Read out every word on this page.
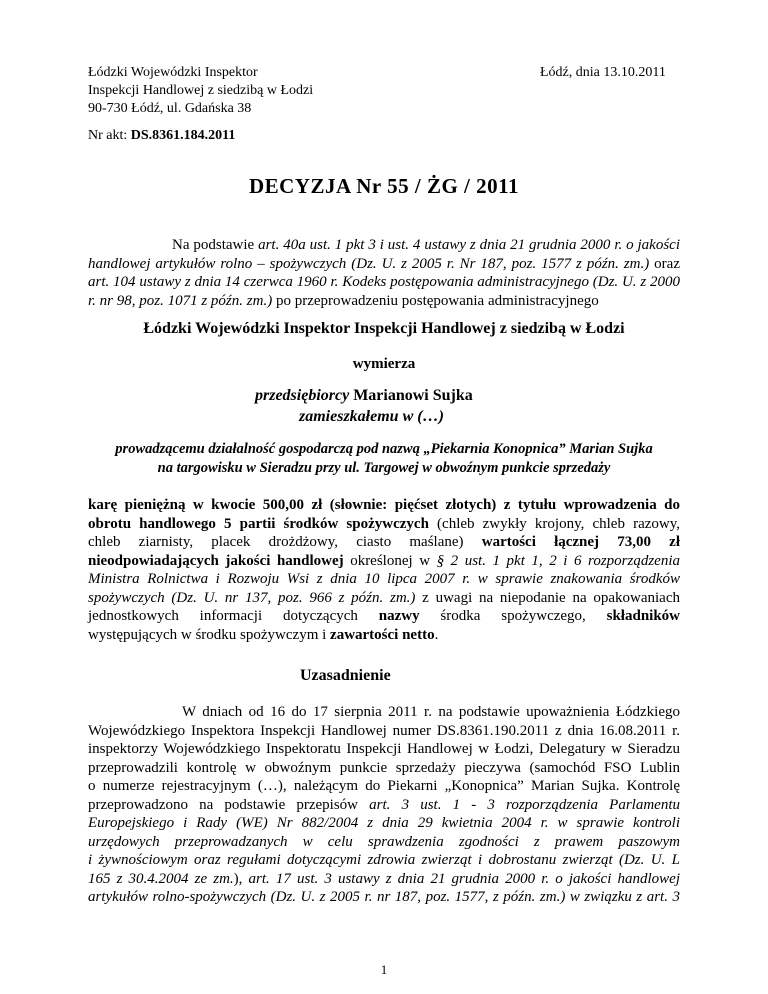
Łódzki Wojewódzki Inspektor
Inspekcji Handlowej z siedzibą w Łodzi
90-730 Łódź, ul. Gdańska 38
Łódź, dnia 13.10.2011
Nr akt: DS.8361.184.2011
DECYZJA Nr 55 / ŻG / 2011
Na podstawie art. 40a ust. 1 pkt 3 i ust. 4 ustawy z dnia 21 grudnia 2000 r. o jakości handlowej artykułów rolno – spożywczych (Dz. U. z 2005 r. Nr 187, poz. 1577 z późn. zm.) oraz art. 104 ustawy z dnia 14 czerwca 1960 r. Kodeks postępowania administracyjnego (Dz. U. z 2000 r. nr 98, poz. 1071 z późn. zm.) po przeprowadzeniu postępowania administracyjnego
Łódzki Wojewódzki Inspektor Inspekcji Handlowej z siedzibą w Łodzi
wymierza
przedsiębiorcy Marianowi Sujka
zamieszkałemu w (…)
prowadzącemu działalność gospodarczą pod nazwą „Piekarnia Konopnica” Marian Sujka
na targowisku w Sieradzu przy ul. Targowej w obwoźnym punkcie sprzedaży
karę pieniężną w kwocie 500,00 zł (słownie: pięćset złotych) z tytułu wprowadzenia do
obrotu handlowego 5 partii środków spożywczych (chleb zwykły krojony, chleb razowy,
chleb ziarnisty, placek drożdżowy, ciasto maślane) wartości łącznej 73,00 zł
nieodpowiadających jakości handlowej określonej w § 2 ust. 1 pkt 1, 2 i 6 rozporządzenia
Ministra Rolnictwa i Rozwoju Wsi z dnia 10 lipca 2007 r. w sprawie znakowania środków
spożywczych (Dz. U. nr 137, poz. 966 z późn. zm.) z uwagi na niepodanie na opakowaniach
jednostkowych informacji dotyczących nazwy środka spożywczego, składników
występujących w środku spożywczym i zawartości netto.
Uzasadnienie
W dniach od 16 do 17 sierpnia 2011 r. na podstawie upoważnienia Łódzkiego
Wojewódzkiego Inspektora Inspekcji Handlowej numer DS.8361.190.2011 z dnia 16.08.2011 r.
inspektorzy Wojewódzkiego Inspektoratu Inspekcji Handlowej w Łodzi, Delegatury w Sieradzu
przeprowadzili kontrolę w obwoźnym punkcie sprzedaży pieczywa (samochód FSO Lublin
o numerze rejestracyjnym (…), należącym do Piekarni „Konopnica” Marian Sujka. Kontrolę
przeprowadzono na podstawie przepisów art. 3 ust. 1 - 3 rozporządzenia Parlamentu
Europejskiego i Rady (WE) Nr 882/2004 z dnia 29 kwietnia 2004 r. w sprawie kontroli
urzędowych przeprowadzanych w celu sprawdzenia zgodności z prawem paszowym
i żywnościowym oraz regułami dotyczącymi zdrowia zwierząt i dobrostanu zwierząt (Dz. U. L
165 z 30.4.2004 ze zm.), art. 17 ust. 3 ustawy z dnia 21 grudnia 2000 r. o jakości handlowej
artykułów rolno-spożywczych (Dz. U. z 2005 r. nr 187, poz. 1577, z późn. zm.) w związku z art. 3
1
